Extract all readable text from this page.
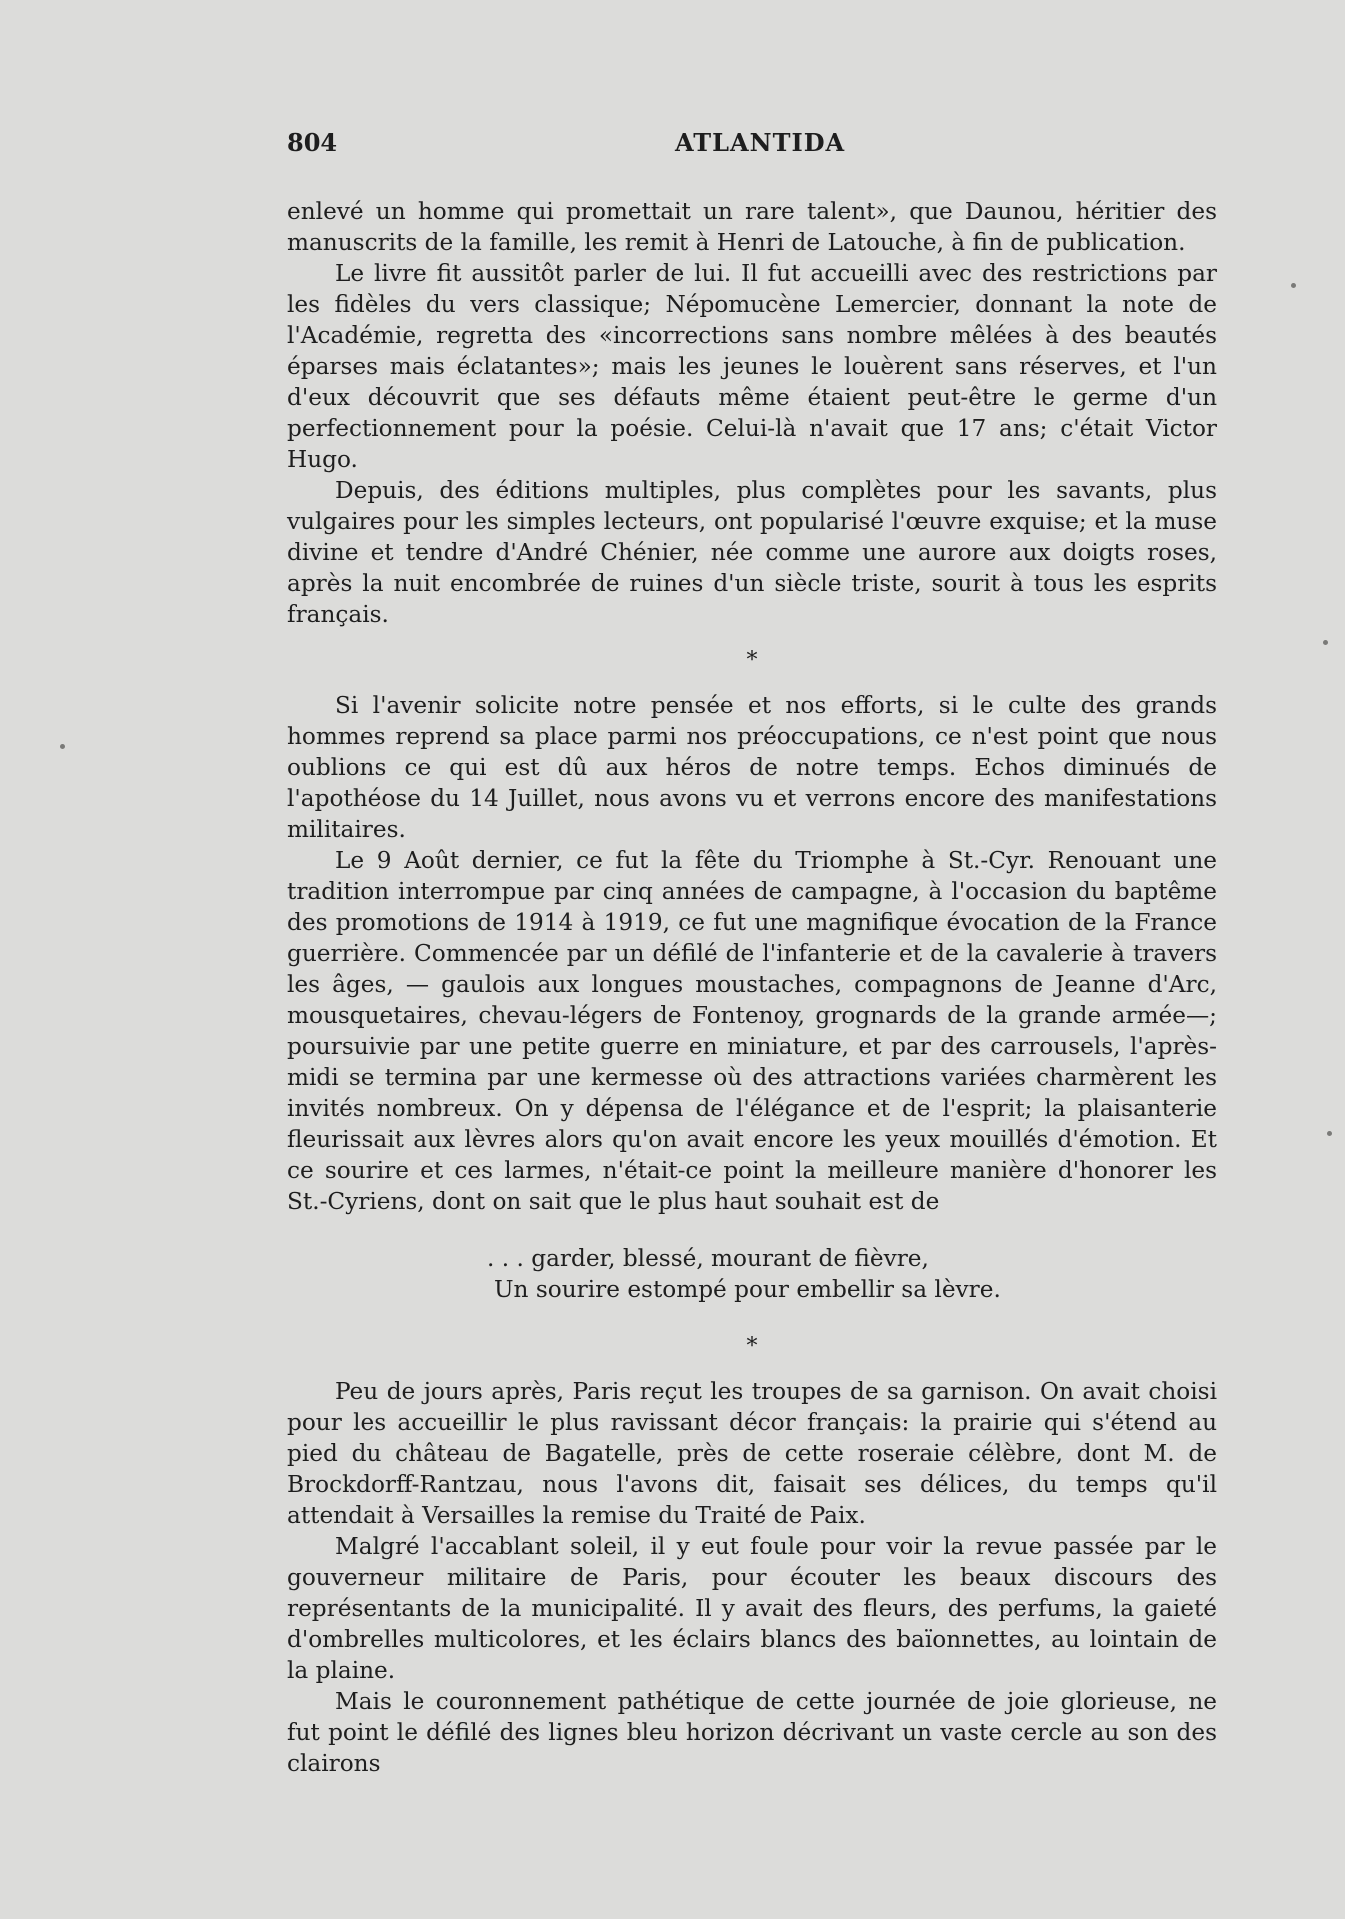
804	ATLANTIDA

enlevé un homme qui promettait un rare talent», que Daunou, héritier des manuscrits de la famille, les remit à Henri de Latouche, à fin de publication.

Le livre fit aussitôt parler de lui. Il fut accueilli avec des restrictions par les fidèles du vers classique; Népomucène Lemercier, donnant la note de l'Académie, regretta des «incorrections sans nombre mêlées à des beautés éparses mais éclatantes»; mais les jeunes le louèrent sans réserves, et l'un d'eux découvrit que ses défauts même étaient peut-être le germe d'un perfectionnement pour la poésie. Celui-là n'avait que 17 ans; c'était Victor Hugo.

Depuis, des éditions multiples, plus complètes pour les savants, plus vulgaires pour les simples lecteurs, ont popularisé l'œuvre exquise; et la muse divine et tendre d'André Chénier, née comme une aurore aux doigts roses, après la nuit encombrée de ruines d'un siècle triste, sourit à tous les esprits français.

*

Si l'avenir solicite notre pensée et nos efforts, si le culte des grands hommes reprend sa place parmi nos préoccupations, ce n'est point que nous oublions ce qui est dû aux héros de notre temps. Echos diminués de l'apothéose du 14 Juillet, nous avons vu et verrons encore des manifestations militaires.

Le 9 Août dernier, ce fut la fête du Triomphe à St.-Cyr. Renouant une tradition interrompue par cinq années de campagne, à l'occasion du baptême des promotions de 1914 à 1919, ce fut une magnifique évocation de la France guerrière. Commencée par un défilé de l'infanterie et de la cavalerie à travers les âges, — gaulois aux longues moustaches, compagnons de Jeanne d'Arc, mousquetaires, chevau-légers de Fontenoy, grognards de la grande armée—; poursuivie par une petite guerre en miniature, et par des carrousels, l'après-midi se termina par une kermesse où des attractions variées charmèrent les invités nombreux. On y dépensa de l'élégance et de l'esprit; la plaisanterie fleurissait aux lèvres alors qu'on avait encore les yeux mouillés d'émotion. Et ce sourire et ces larmes, n'était-ce point la meilleure manière d'honorer les St.-Cyriens, dont on sait que le plus haut souhait est de

. . . garder, blessé, mourant de fièvre,
Un sourire estompé pour embellir sa lèvre.
*

Peu de jours après, Paris reçut les troupes de sa garnison. On avait choisi pour les accueillir le plus ravissant décor français: la prairie qui s'étend au pied du château de Bagatelle, près de cette roseraie célèbre, dont M. de Brockdorff-Rantzau, nous l'avons dit, faisait ses délices, du temps qu'il attendait à Versailles la remise du Traité de Paix.

Malgré l'accablant soleil, il y eut foule pour voir la revue passée par le gouverneur militaire de Paris, pour écouter les beaux discours des représentants de la municipalité. Il y avait des fleurs, des perfums, la gaieté d'ombrelles multicolores, et les éclairs blancs des baïonnettes, au lointain de la plaine.

Mais le couronnement pathétique de cette journée de joie glorieuse, ne fut point le défilé des lignes bleu horizon décrivant un vaste cercle au son des clairons
